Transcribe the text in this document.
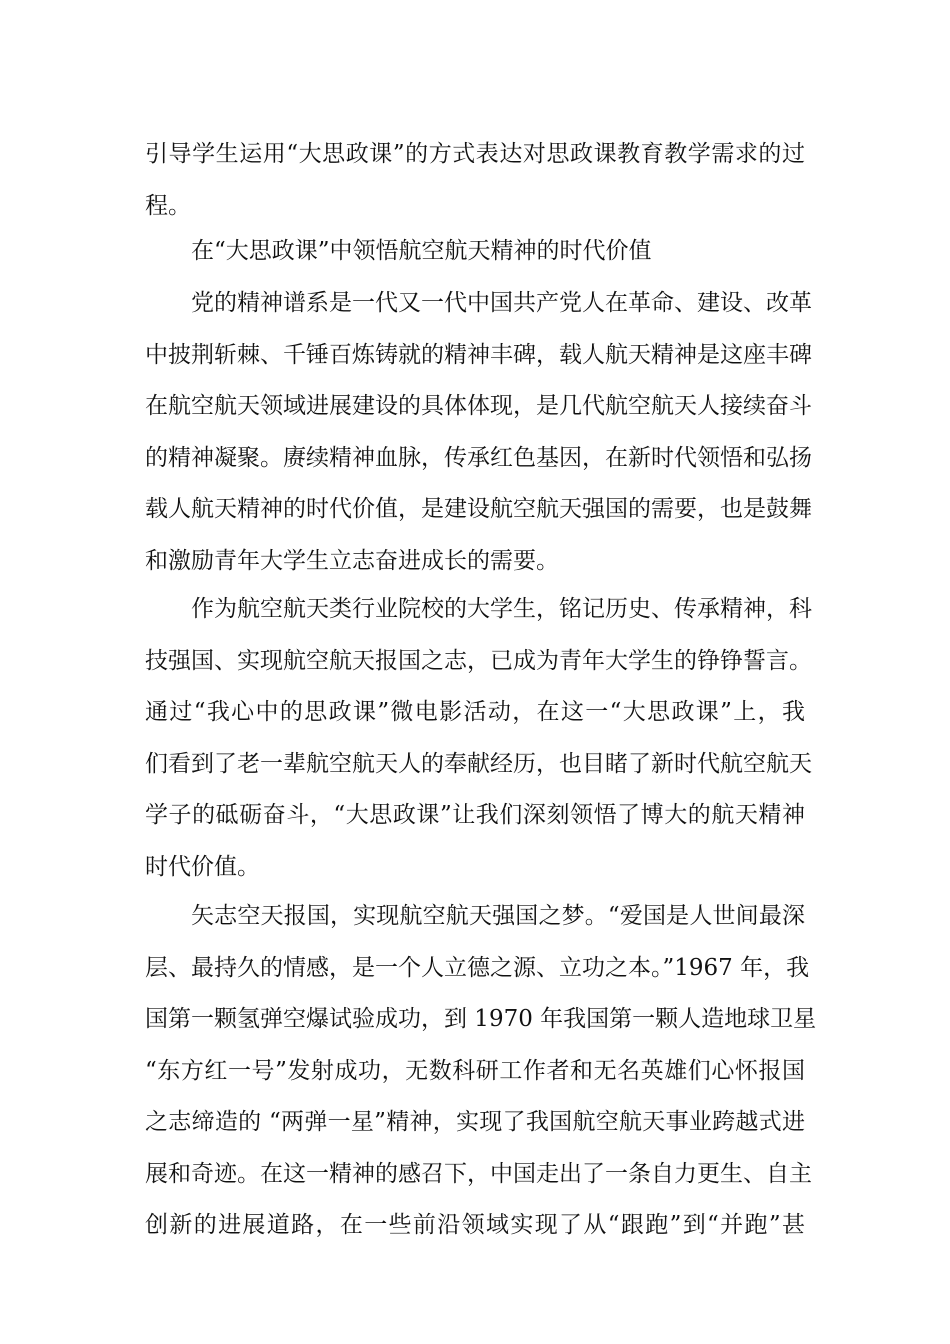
引导学生运用“大思政课”的方式表达对思政课教育教学需求的过
程。
在“大思政课”中领悟航空航天精神的时代价值
党的精神谱系是一代又一代中国共产党人在革命、建设、改革
中披荆斩棘、千锤百炼铸就的精神丰碑，载人航天精神是这座丰碑
在航空航天领域进展建设的具体体现，是几代航空航天人接续奋斗
的精神凝聚。赓续精神血脉，传承红色基因，在新时代领悟和弘扬
载人航天精神的时代价值，是建设航空航天强国的需要，也是鼓舞
和激励青年大学生立志奋进成长的需要。
作为航空航天类行业院校的大学生，铭记历史、传承精神，科
技强国、实现航空航天报国之志，已成为青年大学生的铮铮誓言。
通过“我心中的思政课”微电影活动，在这一“大思政课”上，我
们看到了老一辈航空航天人的奉献经历，也目睹了新时代航空航天
学子的砥砺奋斗，“大思政课”让我们深刻领悟了博大的航天精神
时代价值。
矢志空天报国，实现航空航天强国之梦。“爱国是人世间最深
层、最持久的情感，是一个人立德之源、立功之本。”1967 年，我
国第一颗氢弹空爆试验成功，到 1970 年我国第一颗人造地球卫星
“东方红一号”发射成功，无数科研工作者和无名英雄们心怀报国
之志缔造的 “两弹一星”精神，实现了我国航空航天事业跨越式进
展和奇迹。在这一精神的感召下，中国走出了一条自力更生、自主
创新的进展道路，在一些前沿领域实现了从“跟跑”到“并跑”甚
